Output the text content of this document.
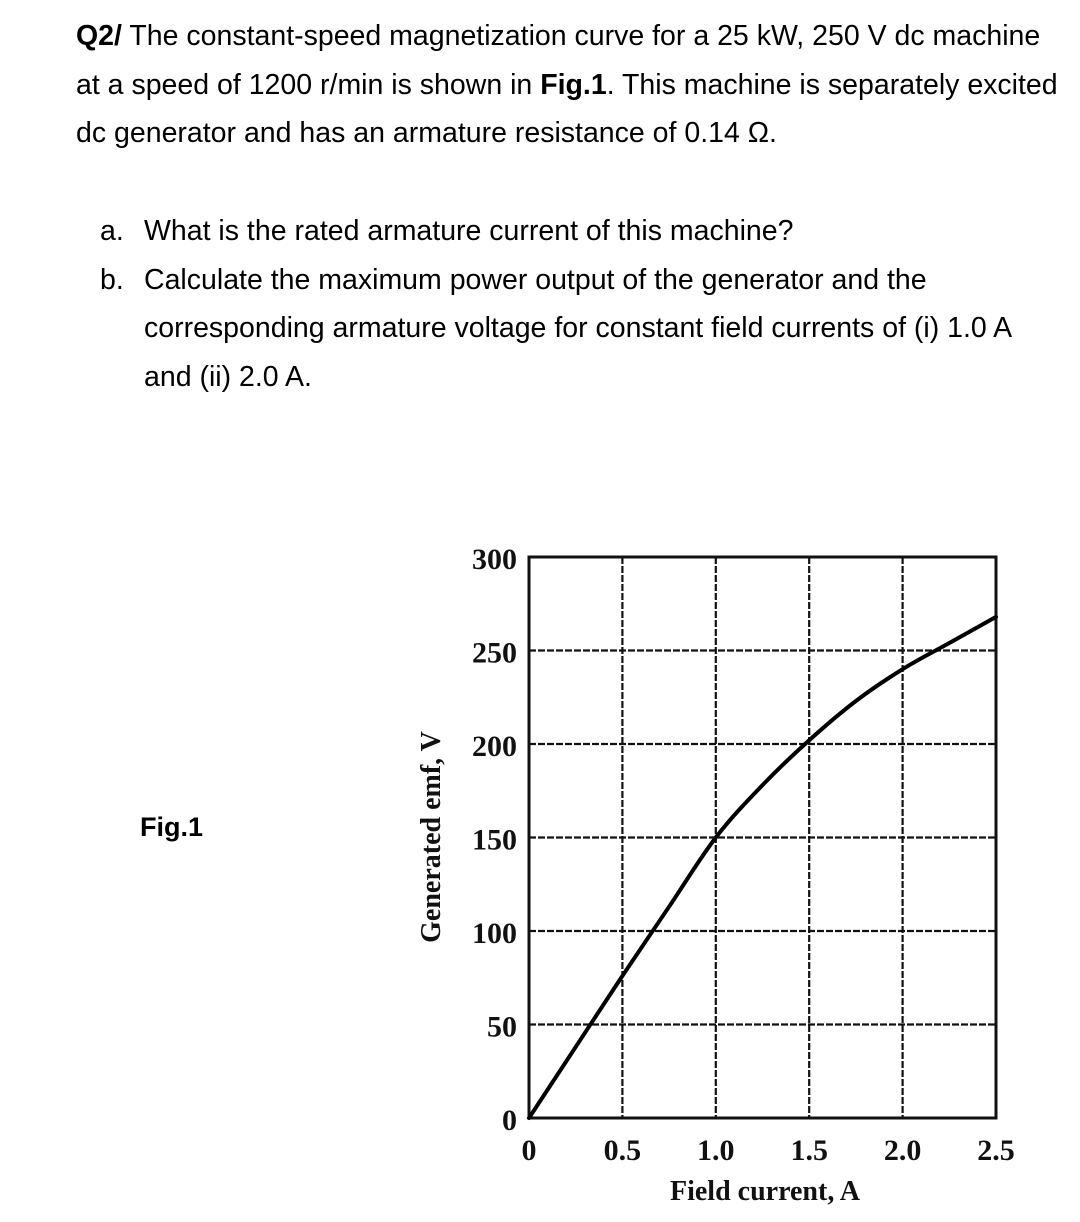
Q2/ The constant-speed magnetization curve for a 25 kW, 250 V dc machine at a speed of 1200 r/min is shown in Fig.1. This machine is separately excited dc generator and has an armature resistance of 0.14 Ω.
a. What is the rated armature current of this machine?
b. Calculate the maximum power output of the generator and the corresponding armature voltage for constant field currents of (i) 1.0 A and (ii) 2.0 A.
Fig.1
0
50
100
150
200
250
300
0 0.5 1.0 1.5 2.0 2.5
Field current, A
Generated emf, V
